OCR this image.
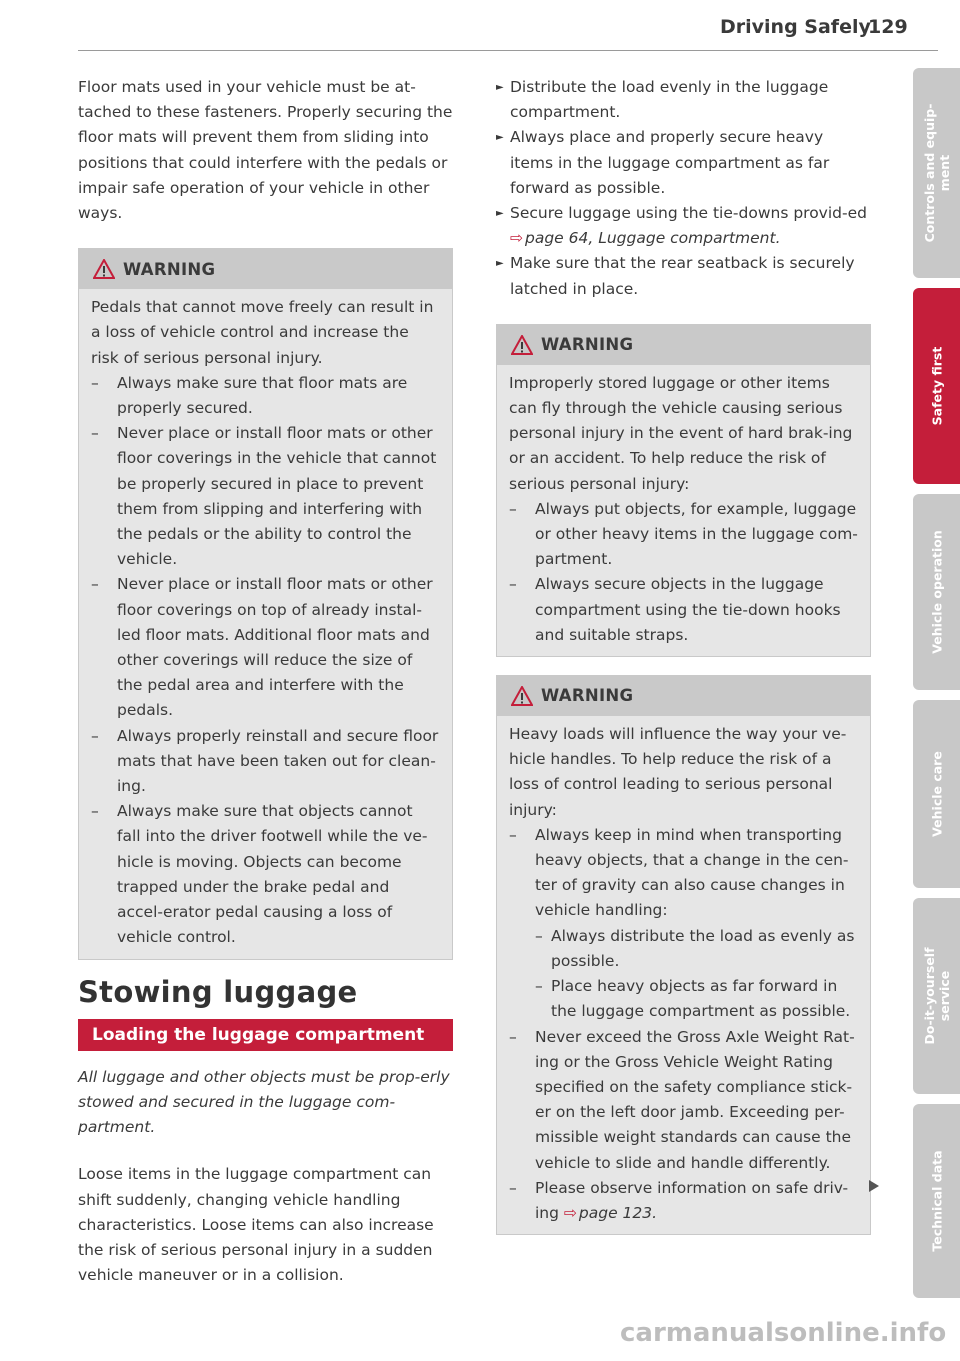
Driving Safely
129

Floor mats used in your vehicle must be at-tached to these fasteners. Properly securing the floor mats will prevent them from sliding into positions that could interfere with the pedals or impair safe operation of your vehicle in other ways.

WARNING

Pedals that cannot move freely can result in a loss of vehicle control and increase the risk of serious personal injury.

– Always make sure that floor mats are properly secured.
– Never place or install floor mats or other floor coverings in the vehicle that cannot be properly secured in place to prevent them from slipping and interfering with the pedals or the ability to control the vehicle.
– Never place or install floor mats or other floor coverings on top of already instal-led floor mats. Additional floor mats and other coverings will reduce the size of the pedal area and interfere with the pedals.
– Always properly reinstall and secure floor mats that have been taken out for clean-ing.
– Always make sure that objects cannot fall into the driver footwell while the ve-hicle is moving. Objects can become trapped under the brake pedal and accel-erator pedal causing a loss of vehicle control.
Stowing luggage
Loading the luggage compartment

All luggage and other objects must be prop-erly stowed and secured in the luggage com-partment.

Loose items in the luggage compartment can shift suddenly, changing vehicle handling characteristics. Loose items can also increase the risk of serious personal injury in a sudden vehicle maneuver or in a collision.

► Distribute the load evenly in the luggage compartment.
► Always place and properly secure heavy items in the luggage compartment as far forward as possible.
► Secure luggage using the tie-downs provid-ed ⇨ page 64, Luggage compartment.
► Make sure that the rear seatback is securely latched in place.
WARNING

Improperly stored luggage or other items can fly through the vehicle causing serious personal injury in the event of hard brak-ing or an accident. To help reduce the risk of serious personal injury:

– Always put objects, for example, luggage or other heavy items in the luggage com-partment.
– Always secure objects in the luggage compartment using the tie-down hooks and suitable straps.
WARNING

Heavy loads will influence the way your ve-hicle handles. To help reduce the risk of a loss of control leading to serious personal injury:

– Always keep in mind when transporting heavy objects, that a change in the cen-ter of gravity can also cause changes in vehicle handling:
– Always distribute the load as evenly as possible.
– Place heavy objects as far forward in the luggage compartment as possible.
– Never exceed the Gross Axle Weight Rat-ing or the Gross Vehicle Weight Rating specified on the safety compliance stick-er on the left door jamb. Exceeding per-missible weight standards can cause the vehicle to slide and handle differently.
– Please observe information on safe driv-ing ⇨ page 123.
Controls and equip-
ment
Safety first
Vehicle operation
Vehicle care
Do-it-yourself
service
Technical data
carmanualsonline.info
